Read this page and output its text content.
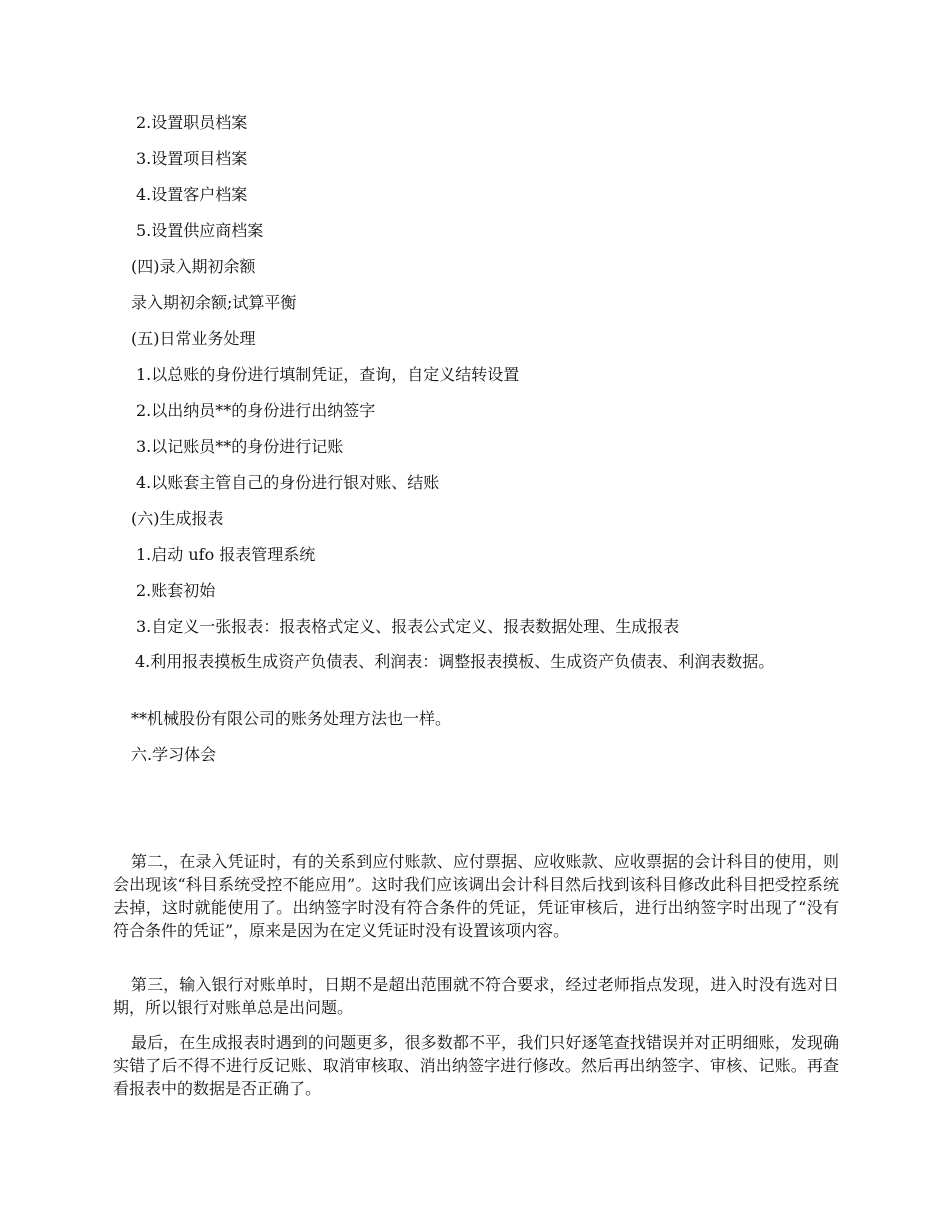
2.设置职员档案
3.设置项目档案
4.设置客户档案
5.设置供应商档案
(四)录入期初余额
录入期初余额;试算平衡
(五)日常业务处理
1.以总账的身份进行填制凭证，查询，自定义结转设置
2.以出纳员**的身份进行出纳签字
3.以记账员**的身份进行记账
4.以账套主管自己的身份进行银对账、结账
(六)生成报表
1.启动 ufo 报表管理系统
2.账套初始
3.自定义一张报表：报表格式定义、报表公式定义、报表数据处理、生成报表
4.利用报表摸板生成资产负债表、利润表：调整报表摸板、生成资产负债表、利润表数据。
**机械股份有限公司的账务处理方法也一样。
六.学习体会
第二，在录入凭证时，有的关系到应付账款、应付票据、应收账款、应收票据的会计科目的使用，则会出现该“科目系统受控不能应用”。这时我们应该调出会计科目然后找到该科目修改此科目把受控系统去掉，这时就能使用了。出纳签字时没有符合条件的凭证，凭证审核后，进行出纳签字时出现了“没有符合条件的凭证”，原来是因为在定义凭证时没有设置该项内容。
第三，输入银行对账单时，日期不是超出范围就不符合要求，经过老师指点发现，进入时没有选对日期，所以银行对账单总是出问题。
最后，在生成报表时遇到的问题更多，很多数都不平，我们只好逐笔查找错误并对正明细账，发现确实错了后不得不进行反记账、取消审核取、消出纳签字进行修改。然后再出纳签字、审核、记账。再查看报表中的数据是否正确了。
